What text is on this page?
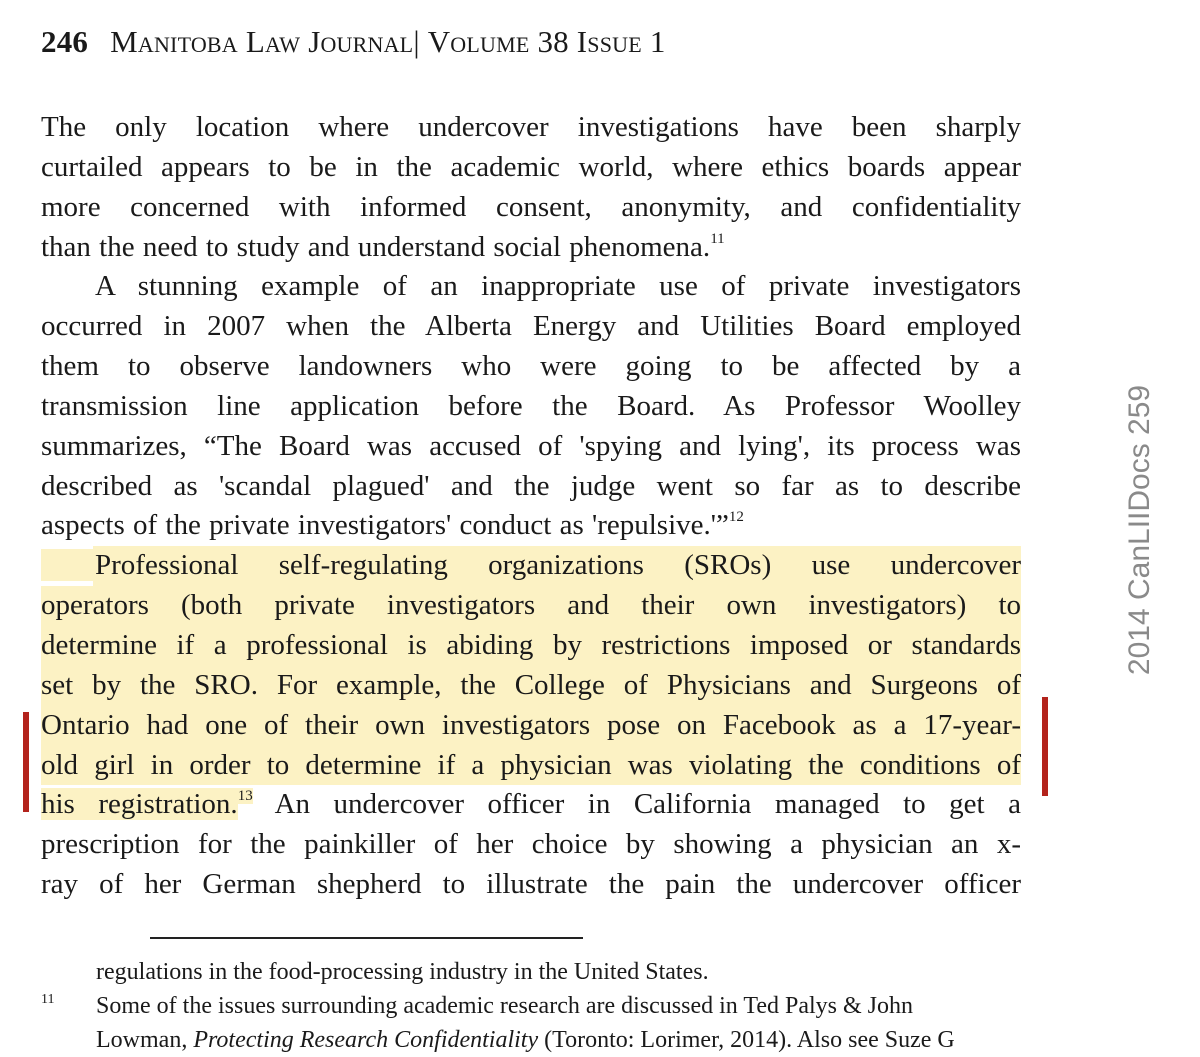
246 Manitoba Law Journal| Volume 38 Issue 1
The only location where undercover investigations have been sharply
curtailed appears to be in the academic world, where ethics boards appear
more concerned with informed consent, anonymity, and confidentiality
than the need to study and understand social phenomena.$^{11}$
A stunning example of an inappropriate use of private investigators
occurred in 2007 when the Alberta Energy and Utilities Board employed
them to observe landowners who were going to be affected by a
transmission line application before the Board. As Professor Woolley
summarizes, “The Board was accused of 'spying and lying', its process was
described as 'scandal plagued' and the judge went so far as to describe
aspects of the private investigators' conduct as 'repulsive.'”$^{12}$
Professional self-regulating organizations (SROs) use undercover
operators (both private investigators and their own investigators) to
determine if a professional is abiding by restrictions imposed or standards
set by the SRO. For example, the College of Physicians and Surgeons of
Ontario had one of their own investigators pose on Facebook as a 17-year-
old girl in order to determine if a physician was violating the conditions of
his registration.$^{13}$ An undercover officer in California managed to get a
prescription for the painkiller of her choice by showing a physician an x-
ray of her German shepherd to illustrate the pain the undercover officer
2014 CanLIIDocs 259
regulations in the food-processing industry in the United States.
11 Some of the issues surrounding academic research are discussed in Ted Palys & John
Lowman, Protecting Research Confidentiality (Toronto: Lorimer, 2014). Also see Suze G
